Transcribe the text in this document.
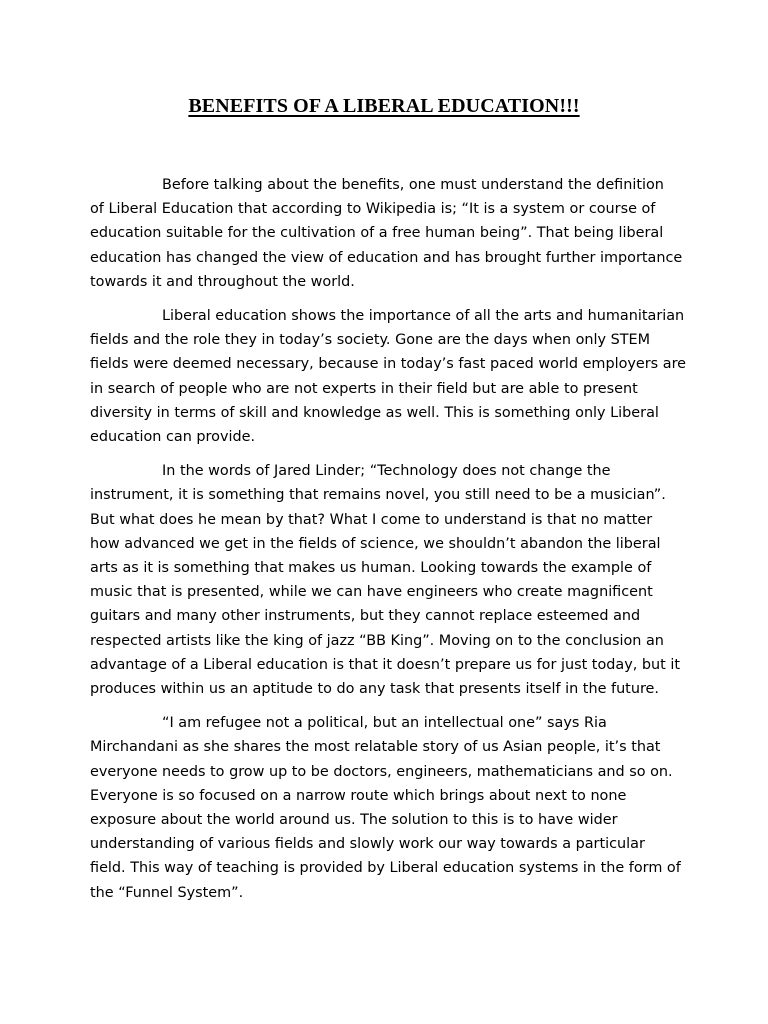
BENEFITS OF A LIBERAL EDUCATION!!!
Before talking about the benefits, one must understand the definition
of Liberal Education that according to Wikipedia is; “It is a system or course of
education suitable for the cultivation of a free human being”. That being liberal
education has changed the view of education and has brought further importance
towards it and throughout the world.
Liberal education shows the importance of all the arts and humanitarian
fields and the role they in today’s society. Gone are the days when only STEM
fields were deemed necessary, because in today’s fast paced world employers are
in search of people who are not experts in their field but are able to present
diversity in terms of skill and knowledge as well. This is something only Liberal
education can provide.
In the words of Jared Linder; “Technology does not change the
instrument, it is something that remains novel, you still need to be a musician”.
But what does he mean by that? What I come to understand is that no matter
how advanced we get in the fields of science, we shouldn’t abandon the liberal
arts as it is something that makes us human. Looking towards the example of
music that is presented, while we can have engineers who create magnificent
guitars and many other instruments, but they cannot replace esteemed and
respected artists like the king of jazz “BB King”. Moving on to the conclusion an
advantage of a Liberal education is that it doesn’t prepare us for just today, but it
produces within us an aptitude to do any task that presents itself in the future.
“I am refugee not a political, but an intellectual one” says Ria
Mirchandani as she shares the most relatable story of us Asian people, it’s that
everyone needs to grow up to be doctors, engineers, mathematicians and so on.
Everyone is so focused on a narrow route which brings about next to none
exposure about the world around us. The solution to this is to have wider
understanding of various fields and slowly work our way towards a particular
field. This way of teaching is provided by Liberal education systems in the form of
the “Funnel System”.
